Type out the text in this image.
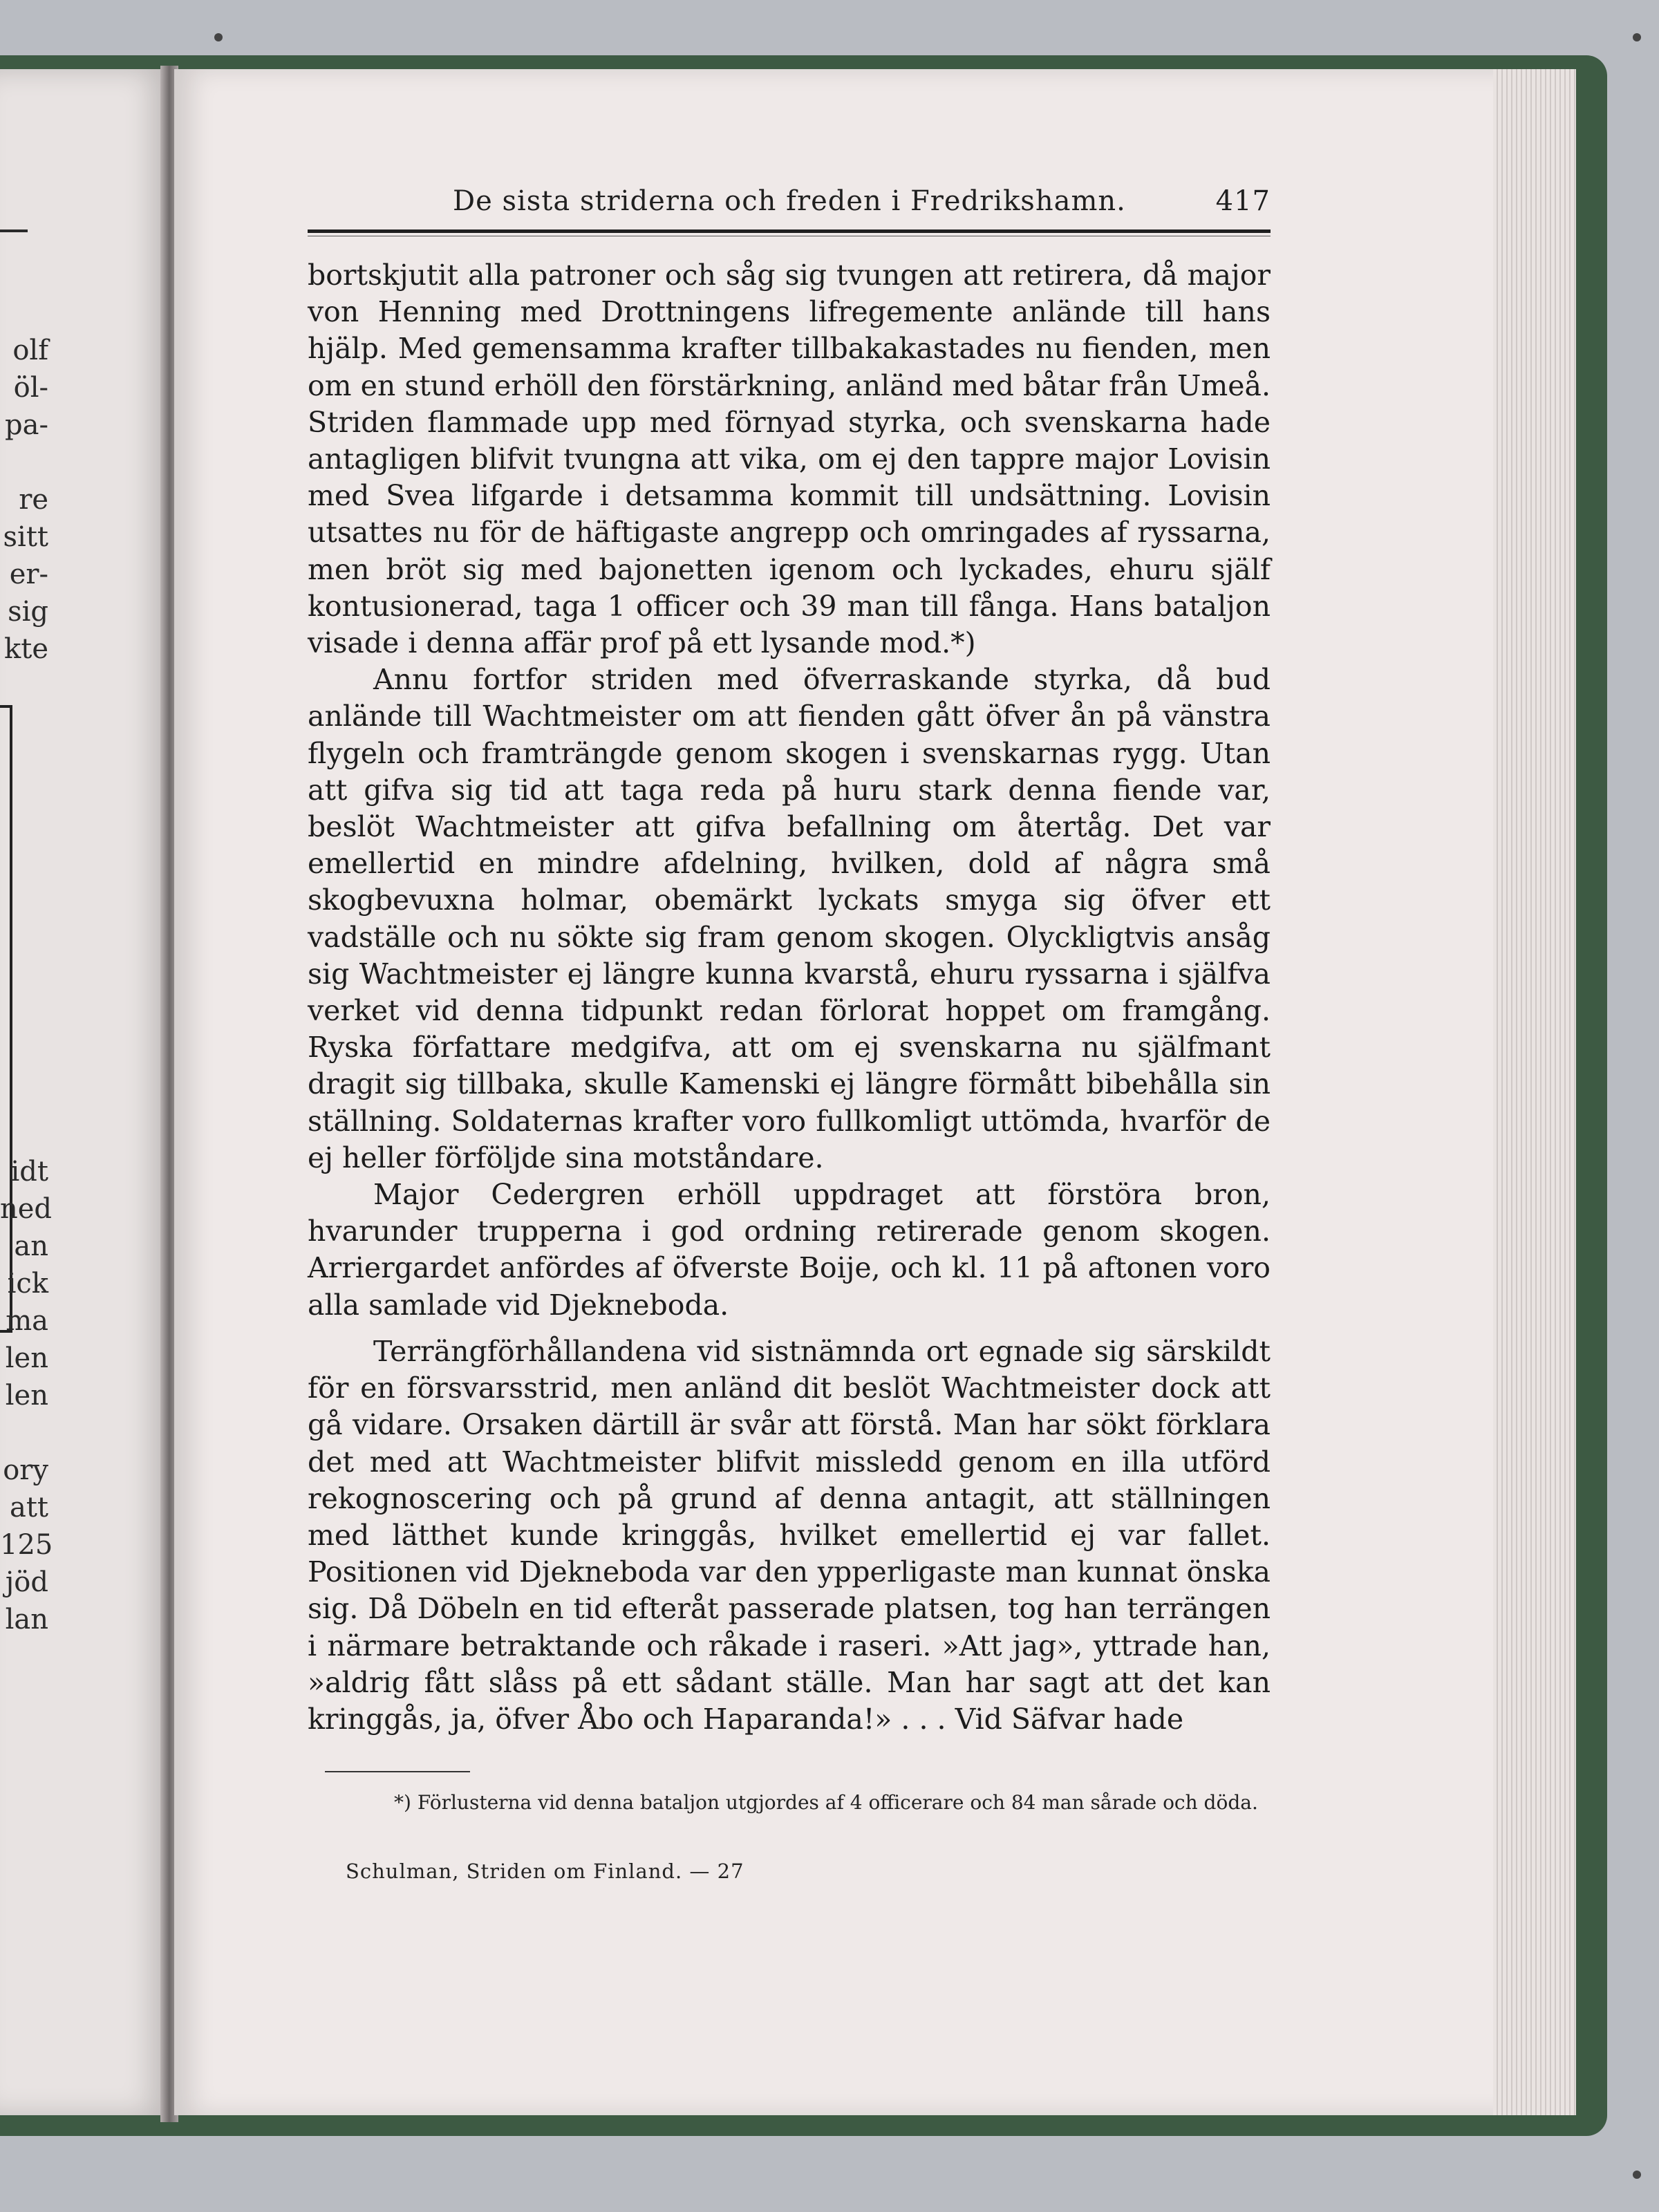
olf
öl-
pa-

re
sitt
er-
sig
kte

idt
ned
an
ick
ma
len
len

ory
att
125
jöd
lan
De sista striderna och freden i Fredrikshamn.	417

bortskjutit alla patroner och såg sig tvungen att retirera, då major von Henning med Drottningens lifregemente anlände till hans hjälp. Med gemensamma krafter tillbakakastades nu fienden, men om en stund erhöll den förstärkning, anländ med båtar från Umeå. Striden flammade upp med förnyad styrka, och svenskarna hade antagligen blifvit tvungna att vika, om ej den tappre major Lovisin med Svea lifgarde i detsamma kommit till undsättning. Lovisin utsattes nu för de häftigaste angrepp och omringades af ryssarna, men bröt sig med bajonetten igenom och lyckades, ehuru själf kontusionerad, taga 1 officer och 39 man till fånga. Hans bataljon visade i denna affär prof på ett lysande mod.*)

Annu fortfor striden med öfverraskande styrka, då bud anlände till Wachtmeister om att fienden gått öfver ån på vänstra flygeln och framträngde genom skogen i svenskarnas rygg. Utan att gifva sig tid att taga reda på huru stark denna fiende var, beslöt Wachtmeister att gifva befallning om återtåg. Det var emellertid en mindre afdelning, hvilken, dold af några små skogbevuxna holmar, obemärkt lyckats smyga sig öfver ett vadställe och nu sökte sig fram genom skogen. Olyckligtvis ansåg sig Wachtmeister ej längre kunna kvarstå, ehuru ryssarna i själfva verket vid denna tidpunkt redan förlorat hoppet om framgång. Ryska författare medgifva, att om ej svenskarna nu själfmant dragit sig tillbaka, skulle Kamenski ej längre förmått bibehålla sin ställning. Soldaternas krafter voro fullkomligt uttömda, hvarför de ej heller förföljde sina motståndare.

Major Cedergren erhöll uppdraget att förstöra bron, hvarunder trupperna i god ordning retirerade genom skogen. Arriergardet anfördes af öfverste Boije, och kl. 11 på aftonen voro alla samlade vid Djekneboda.

Terrängförhållandena vid sistnämnda ort egnade sig särskildt för en försvarsstrid, men anländ dit beslöt Wachtmeister dock att gå vidare. Orsaken därtill är svår att förstå. Man har sökt förklara det med att Wachtmeister blifvit missledd genom en illa utförd rekognoscering och på grund af denna antagit, att ställningen med lätthet kunde kringgås, hvilket emellertid ej var fallet. Positionen vid Djekneboda var den ypperligaste man kunnat önska sig. Då Döbeln en tid efteråt passerade platsen, tog han terrängen i närmare betraktande och råkade i raseri. »Att jag», yttrade han, »aldrig fått slåss på ett sådant ställe. Man har sagt att det kan kringgås, ja, öfver Åbo och Haparanda!» . . . Vid Säfvar hade

*) Förlusterna vid denna bataljon utgjordes af 4 officerare och 84 man sårade och döda.
Schulman, Striden om Finland. — 27
